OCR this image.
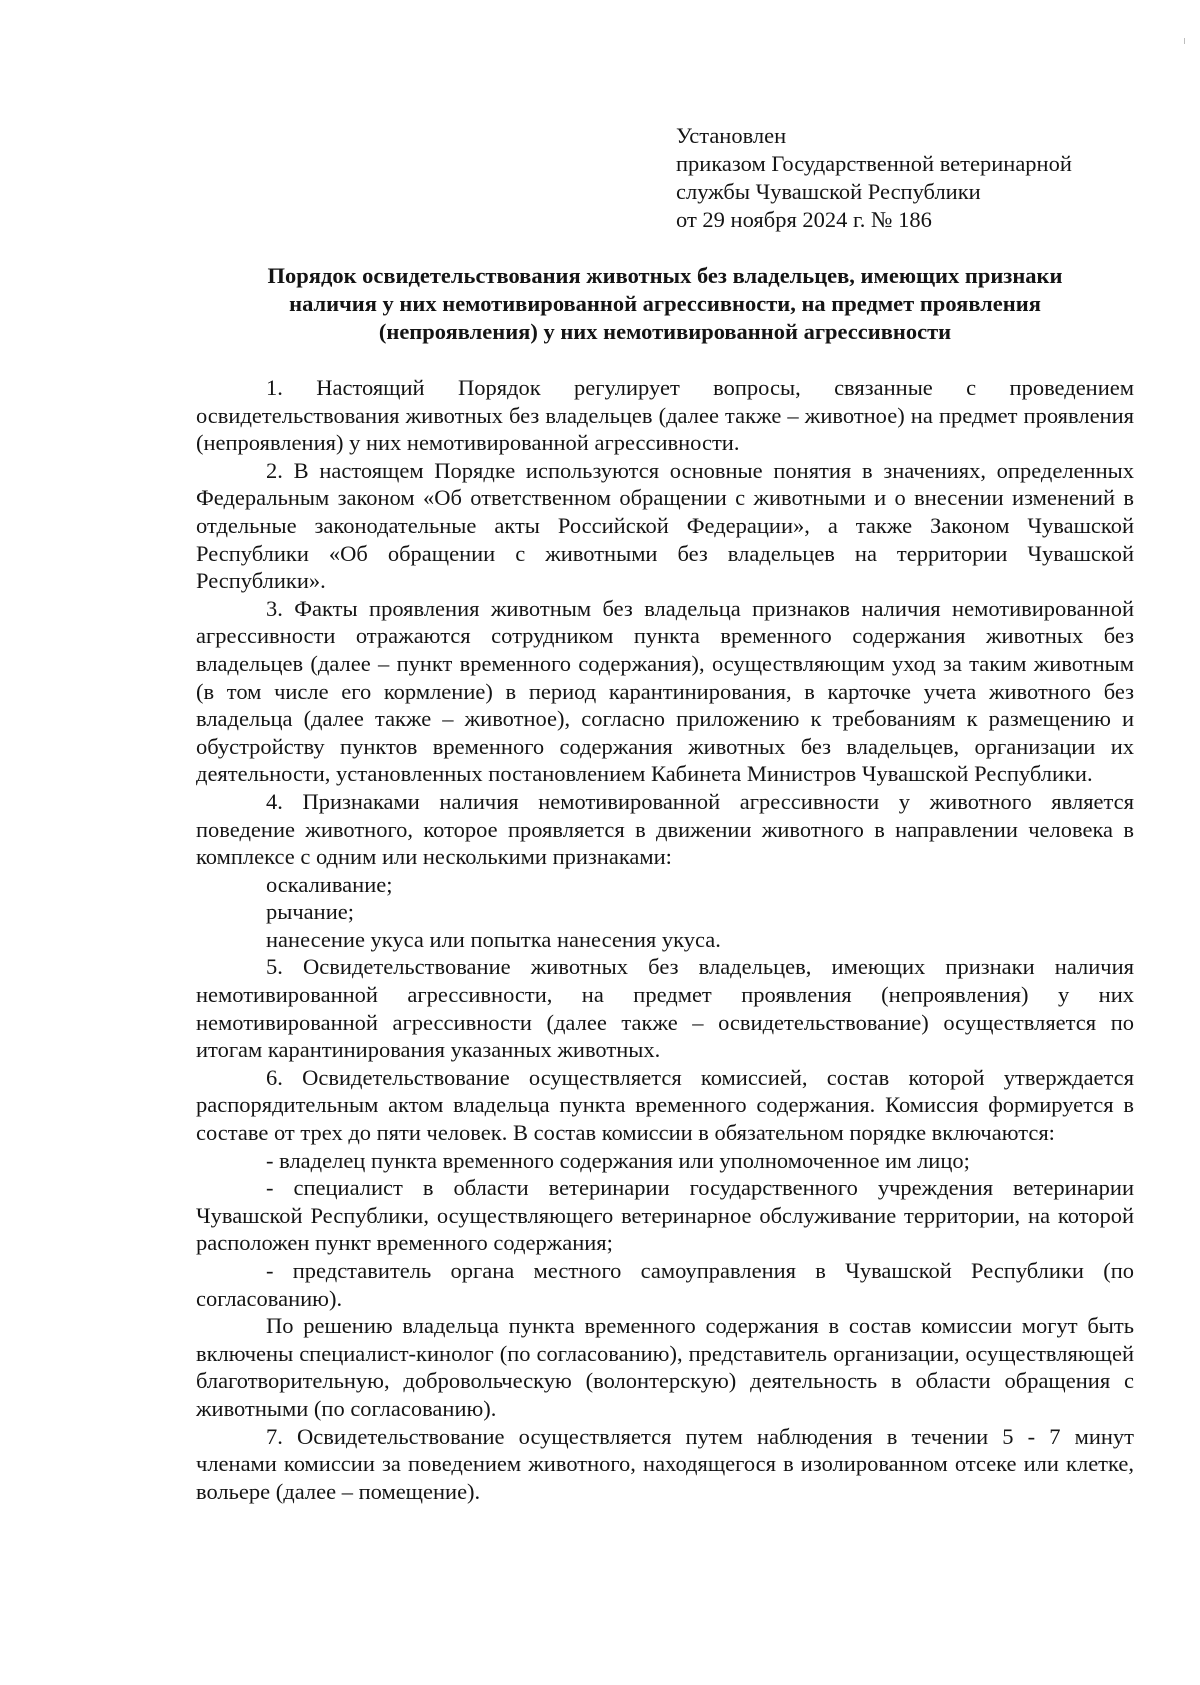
Установлен
приказом Государственной ветеринарной
службы Чувашской Республики
от 29 ноября 2024 г. № 186
Порядок освидетельствования животных без владельцев, имеющих признаки
наличия у них немотивированной агрессивности, на предмет проявления
(непроявления) у них немотивированной агрессивности

1. Настоящий Порядок регулирует вопросы, связанные с проведением освидетельствования животных без владельцев (далее также – животное) на предмет проявления (непроявления) у них немотивированной агрессивности.

2. В настоящем Порядке используются основные понятия в значениях, определенных Федеральным законом «Об ответственном обращении с животными и о внесении изменений в отдельные законодательные акты Российской Федерации», а также Законом Чувашской Республики «Об обращении с животными без владельцев на территории Чувашской Республики».

3. Факты проявления животным без владельца признаков наличия немотивированной агрессивности отражаются сотрудником пункта временного содержания животных без владельцев (далее – пункт временного содержания), осуществляющим уход за таким животным (в том числе его кормление) в период карантинирования, в карточке учета животного без владельца (далее также – животное), согласно приложению к требованиям к размещению и обустройству пунктов временного содержания животных без владельцев, организации их деятельности, установленных постановлением Кабинета Министров Чувашской Республики.

4. Признаками наличия немотивированной агрессивности у животного является поведение животного, которое проявляется в движении животного в направлении человека в комплексе с одним или несколькими признаками:

оскаливание;

рычание;

нанесение укуса или попытка нанесения укуса.

5. Освидетельствование животных без владельцев, имеющих признаки наличия немотивированной агрессивности, на предмет проявления (непроявления) у них немотивированной агрессивности (далее также – освидетельствование) осуществляется по итогам карантинирования указанных животных.

6. Освидетельствование осуществляется комиссией, состав которой утверждается распорядительным актом владельца пункта временного содержания. Комиссия формируется в составе от трех до пяти человек. В состав комиссии в обязательном порядке включаются:

- владелец пункта временного содержания или уполномоченное им лицо;

- специалист в области ветеринарии государственного учреждения ветеринарии Чувашской Республики, осуществляющего ветеринарное обслуживание территории, на которой расположен пункт временного содержания;

- представитель органа местного самоуправления в Чувашской Республики (по согласованию).

По решению владельца пункта временного содержания в состав комиссии могут быть включены специалист-кинолог (по согласованию), представитель организации, осуществляющей благотворительную, добровольческую (волонтерскую) деятельность в области обращения с животными (по согласованию).

7. Освидетельствование осуществляется путем наблюдения в течении 5 - 7 минут членами комиссии за поведением животного, находящегося в изолированном отсеке или клетке, вольере (далее – помещение).
